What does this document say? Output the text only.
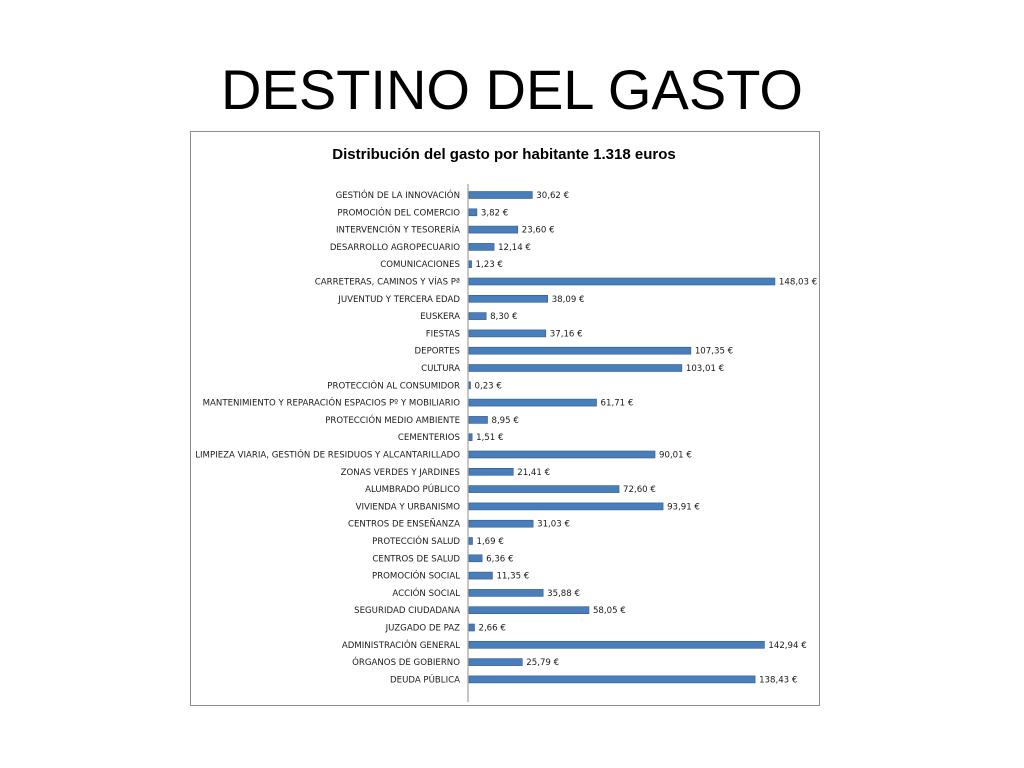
DESTINO DEL GASTO
Distribución del gasto por habitante 1.318 euros
GESTIÓN DE LA INNOVACIÓN
PROMOCIÓN DEL COMERCIO
INTERVENCIÓN Y TESORERÍA
DESARROLLO AGROPECUARIO
COMUNICACIONES
CARRETERAS, CAMINOS Y VÍAS Pª
JUVENTUD Y TERCERA EDAD
EUSKERA
FIESTAS
DEPORTES
CULTURA
PROTECCIÓN AL CONSUMIDOR
MANTENIMIENTO Y REPARACIÓN ESPACIOS Pº Y MOBILIARIO
PROTECCIÓN MEDIO AMBIENTE
CEMENTERIOS
LIMPIEZA VIARIA, GESTIÓN DE RESIDUOS Y ALCANTARILLADO
ZONAS VERDES Y JARDINES
ALUMBRADO PÚBLICO
VIVIENDA Y URBANISMO
CENTROS DE ENSEÑANZA
PROTECCIÓN SALUD
CENTROS DE SALUD
PROMOCIÓN SOCIAL
ACCIÓN SOCIAL
SEGURIDAD CIUDADANA
JUZGADO DE PAZ
ADMINISTRACIÓN GENERAL
ÓRGANOS DE GOBIERNO
DEUDA PÚBLICA
30,62 €
3,82 €
23,60 €
12,14 €
1,23 €
148,03 €
38,09 €
8,30 €
37,16 €
107,35 €
103,01 €
0,23 €
61,71 €
8,95 €
1,51 €
90,01 €
21,41 €
72,60 €
93,91 €
31,03 €
1,69 €
6,36 €
11,35 €
35,88 €
58,05 €
2,66 €
142,94 €
25,79 €
138,43 €
